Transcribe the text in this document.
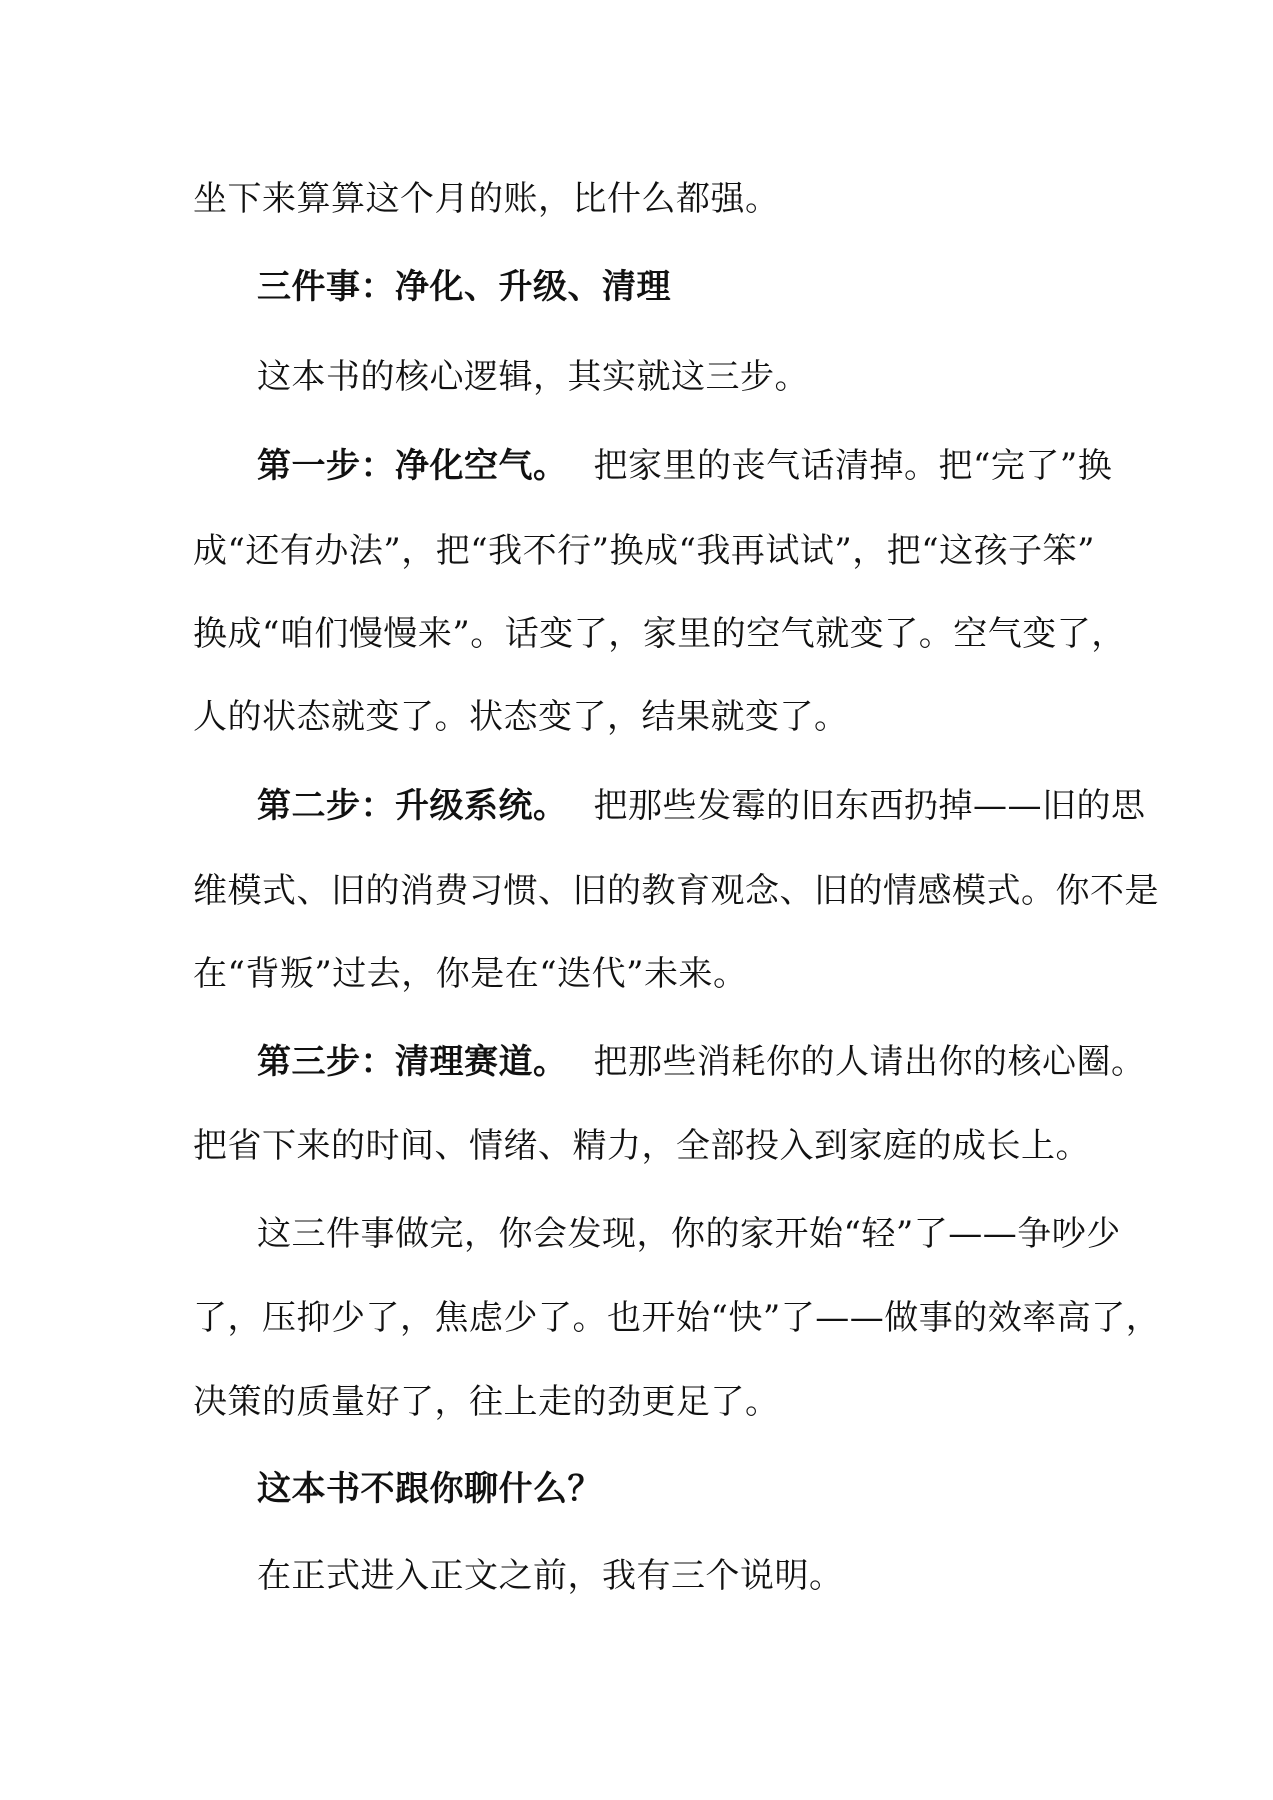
坐下来算算这个月的账，比什么都强。
三件事：净化、升级、清理
这本书的核心逻辑，其实就这三步。
第一步：净化空气。 把家里的丧气话清掉。把“完了”换
成“还有办法”，把“我不行”换成“我再试试”，把“这孩子笨”
换成“咱们慢慢来”。话变了，家里的空气就变了。空气变了，
人的状态就变了。状态变了，结果就变了。
第二步：升级系统。 把那些发霉的旧东西扔掉——旧的思
维模式、旧的消费习惯、旧的教育观念、旧的情感模式。你不是
在“背叛”过去，你是在“迭代”未来。
第三步：清理赛道。 把那些消耗你的人请出你的核心圈。
把省下来的时间、情绪、精力，全部投入到家庭的成长上。
这三件事做完，你会发现，你的家开始“轻”了——争吵少
了，压抑少了，焦虑少了。也开始“快”了——做事的效率高了，
决策的质量好了，往上走的劲更足了。
这本书不跟你聊什么？
在正式进入正文之前，我有三个说明。
